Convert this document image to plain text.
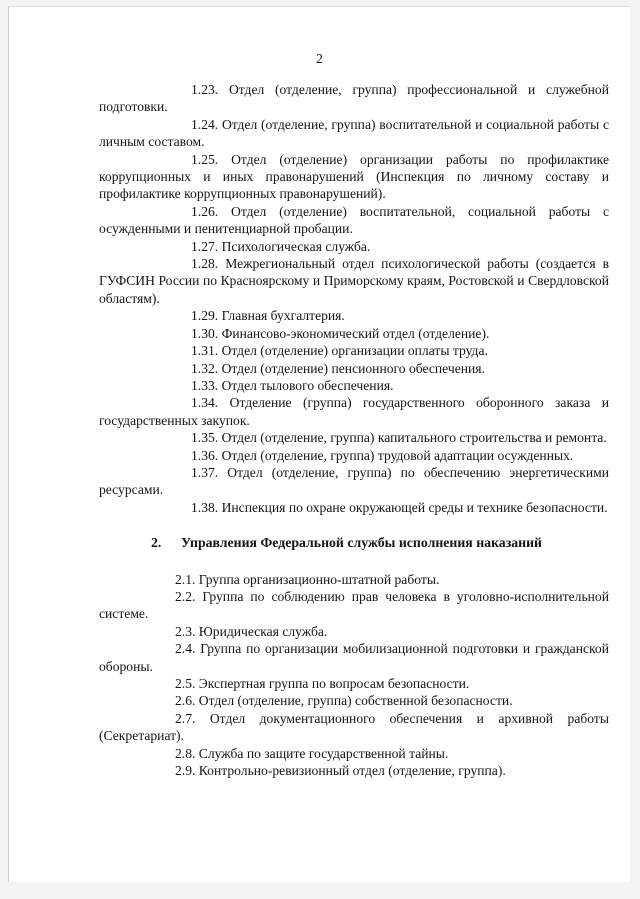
2

1.23. Отдел (отделение, группа) профессиональной и служебной подготовки.

1.24. Отдел (отделение, группа) воспитательной и социальной работы с личным составом.

1.25. Отдел (отделение) организации работы по профилактике коррупционных и иных правонарушений (Инспекция по личному составу и профилактике коррупционных правонарушений).

1.26. Отдел (отделение) воспитательной, социальной работы с осужденными и пенитенциарной пробации.

1.27. Психологическая служба.

1.28. Межрегиональный отдел психологической работы (создается в ГУФСИН России по Красноярскому и Приморскому краям, Ростовской и Свердловской областям).

1.29. Главная бухгалтерия.

1.30. Финансово-экономический отдел (отделение).

1.31. Отдел (отделение) организации оплаты труда.

1.32. Отдел (отделение) пенсионного обеспечения.

1.33. Отдел тылового обеспечения.

1.34. Отделение (группа) государственного оборонного заказа и государственных закупок.

1.35. Отдел (отделение, группа) капитального строительства и ремонта.

1.36. Отдел (отделение, группа) трудовой адаптации осужденных.

1.37. Отдел (отделение, группа) по обеспечению энергетическими ресурсами.

1.38. Инспекция по охране окружающей среды и технике безопасности.

2. Управления Федеральной службы исполнения наказаний

2.1. Группа организационно-штатной работы.

2.2. Группа по соблюдению прав человека в уголовно-исполнительной системе.

2.3. Юридическая служба.

2.4. Группа по организации мобилизационной подготовки и гражданской обороны.

2.5. Экспертная группа по вопросам безопасности.

2.6. Отдел (отделение, группа) собственной безопасности.

2.7. Отдел документационного обеспечения и архивной работы (Секретариат).

2.8. Служба по защите государственной тайны.

2.9. Контрольно-ревизионный отдел (отделение, группа).
